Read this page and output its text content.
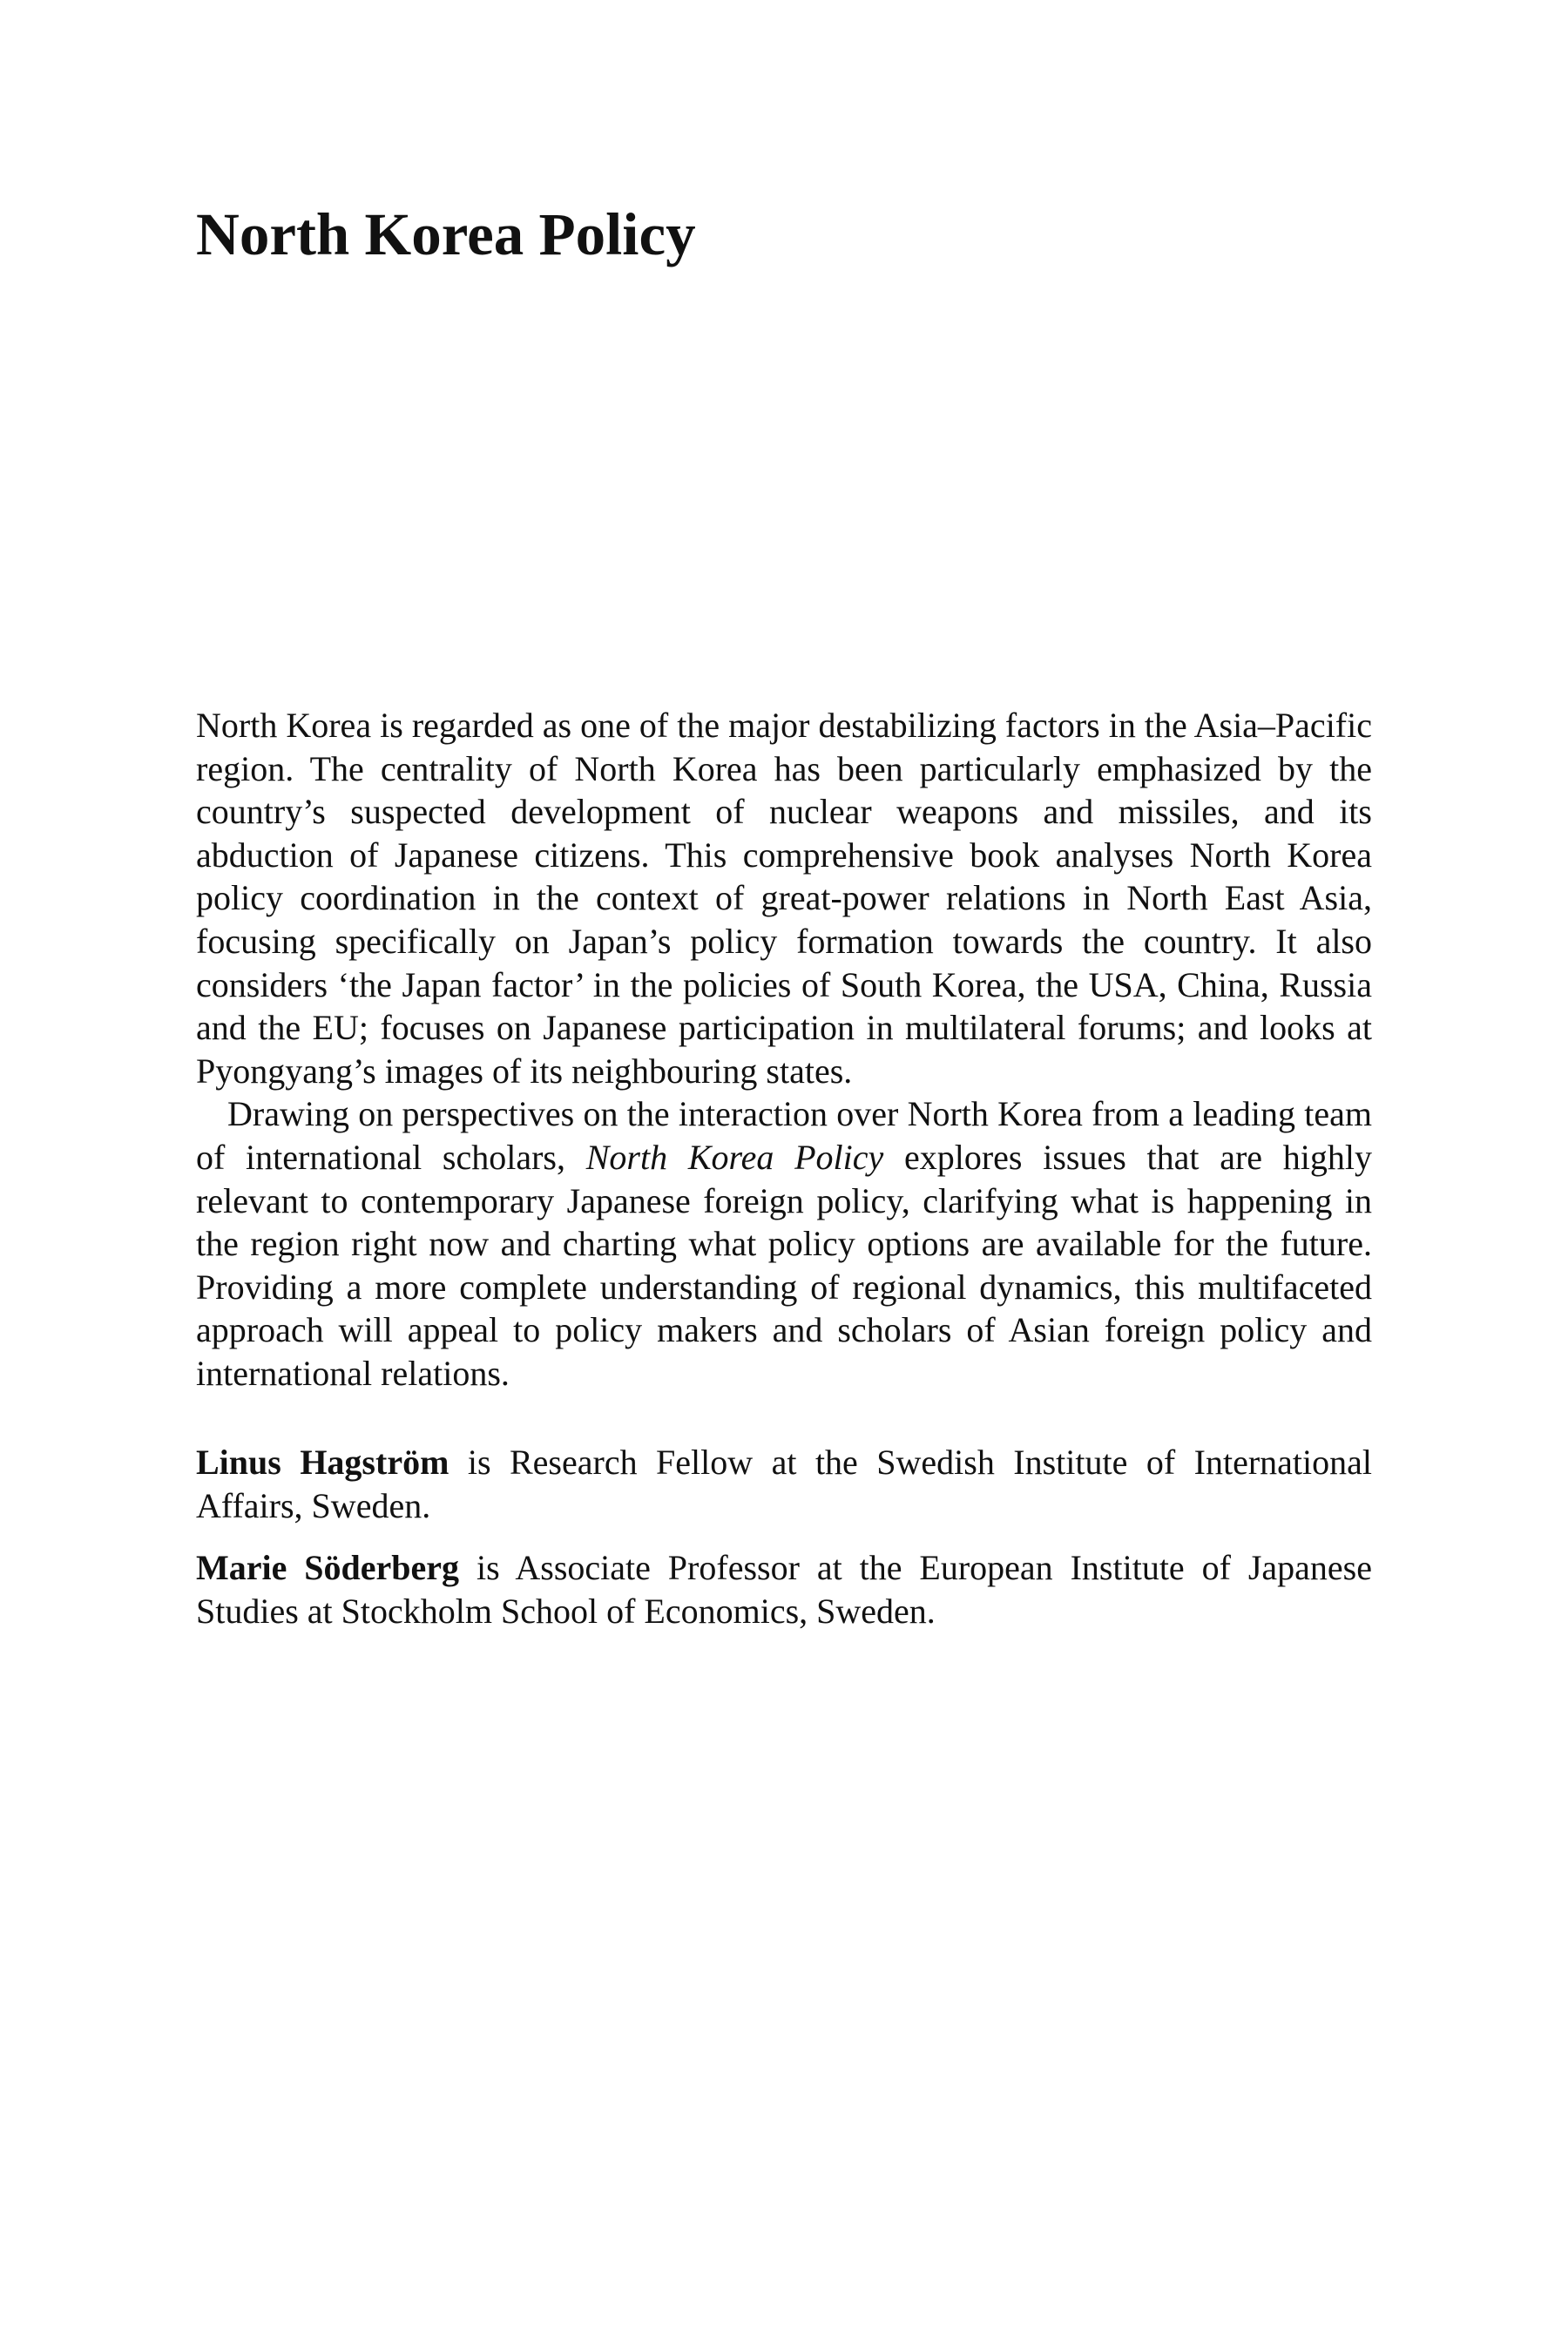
North Korea Policy

North Korea is regarded as one of the major destabilizing factors in the Asia–Pacific region. The centrality of North Korea has been particularly emphasized by the country’s suspected development of nuclear weapons and missiles, and its abduction of Japanese citizens. This comprehensive book analyses North Korea policy coordination in the context of great-power relations in North East Asia, focusing specifically on Japan’s policy formation towards the country. It also considers ‘the Japan factor’ in the policies of South Korea, the USA, China, Russia and the EU; focuses on Japanese participation in multilateral forums; and looks at Pyongyang’s images of its neighbouring states.

Drawing on perspectives on the interaction over North Korea from a leading team of international scholars, North Korea Policy explores issues that are highly relevant to contemporary Japanese foreign policy, clarifying what is happening in the region right now and charting what policy options are available for the future. Providing a more complete understanding of regional dynamics, this multifaceted approach will appeal to policy makers and scholars of Asian foreign policy and international relations.

Linus Hagström is Research Fellow at the Swedish Institute of International Affairs, Sweden.

Marie Söderberg is Associate Professor at the European Institute of Japanese Studies at Stockholm School of Economics, Sweden.
